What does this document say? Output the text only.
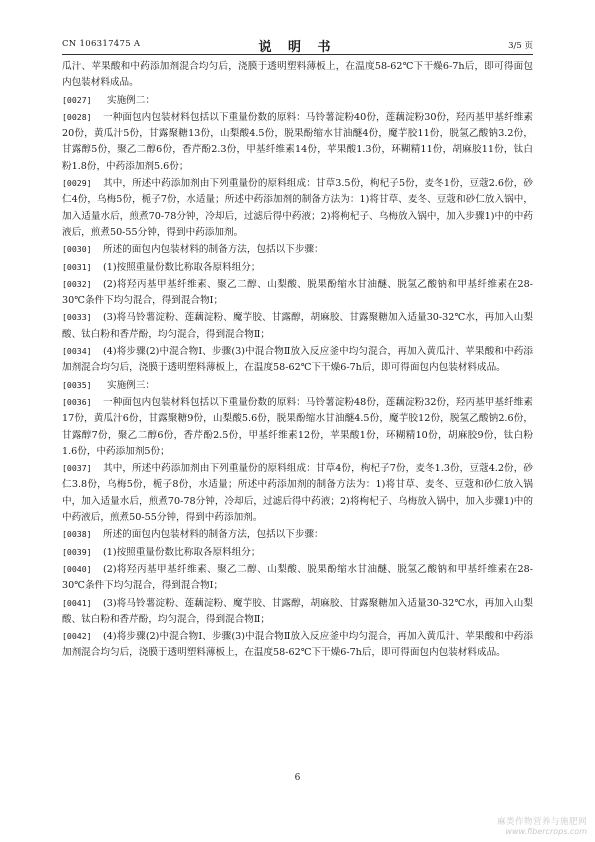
CN 106317475 A	说 明 书	3/5 页
瓜汁、苹果酸和中药添加剂混合均匀后，浇膜于透明塑料薄板上，在温度58-62℃下干燥6-7h后，即可得面包内包装材料成品。
[0027] 实施例二：
[0028] 一种面包内包装材料包括以下重量份数的原料：马铃薯淀粉40份，莲藕淀粉30份，羟丙基甲基纤维素20份，黄瓜汁5份，甘露聚糖13份，山梨酸4.5份，脱果酚缩水甘油醚4份，魔芋胶11份，脱氢乙酸钠3.2份，甘露醇5份，聚乙二醇6份，香芹酚2.3份，甲基纤维素14份，苹果酸1.3份，环糊精11份，胡麻胶11份，钛白粉1.8份，中药添加剂5.6份；
[0029] 其中，所述中药添加剂由下列重量份的原料组成：甘草3.5份，枸杞子5份，麦冬1份，豆蔻2.6份，砂仁4份，乌梅5份，栀子7份，水适量；所述中药添加剂的制备方法为：1)将甘草、麦冬、豆蔻和砂仁放入锅中，加入适量水后，煎煮70-78分钟，冷却后，过滤后得中药液；2)将枸杞子、乌梅放入锅中，加入步骤1)中的中药液后，煎煮50-55分钟，得到中药添加剂。
[0030] 所述的面包内包装材料的制备方法，包括以下步骤：
[0031] (1)按照重量份数比称取各原料组分；
[0032] (2)将羟丙基甲基纤维素、聚乙二醇、山梨酸、脱果酚缩水甘油醚、脱氢乙酸钠和甲基纤维素在28-30℃条件下均匀混合，得到混合物Ⅰ；
[0033] (3)将马铃薯淀粉、莲藕淀粉、魔芋胶、甘露醇，胡麻胶、甘露聚糖加入适量30-32℃水，再加入山梨酸、钛白粉和香芹酚，均匀混合，得到混合物Ⅱ；
[0034] (4)将步骤(2)中混合物Ⅰ、步骤(3)中混合物Ⅱ放入反应釜中均匀混合，再加入黄瓜汁、苹果酸和中药添加剂混合均匀后，浇膜于透明塑料薄板上，在温度58-62℃下干燥6-7h后，即可得面包内包装材料成品。
[0035] 实施例三：
[0036] 一种面包内包装材料包括以下重量份数的原料：马铃薯淀粉48份，莲藕淀粉32份，羟丙基甲基纤维素17份，黄瓜汁6份，甘露聚糖9份，山梨酸5.6份，脱果酚缩水甘油醚4.5份，魔芋胶12份，脱氢乙酸钠2.6份，甘露醇7份，聚乙二醇6份，香芹酚2.5份，甲基纤维素12份，苹果酸1份，环糊精10份，胡麻胶9份，钛白粉1.6份，中药添加剂5份；
[0037] 其中，所述中药添加剂由下列重量份的原料组成：甘草4份，枸杞子7份，麦冬1.3份，豆蔻4.2份，砂仁3.8份，乌梅5份，栀子8份，水适量；所述中药添加剂的制备方法为：1)将甘草、麦冬、豆蔻和砂仁放入锅中，加入适量水后，煎煮70-78分钟，冷却后，过滤后得中药液；2)将枸杞子、乌梅放入锅中，加入步骤1)中的中药液后，煎煮50-55分钟，得到中药添加剂。
[0038] 所述的面包内包装材料的制备方法，包括以下步骤：
[0039] (1)按照重量份数比称取各原料组分；
[0040] (2)将羟丙基甲基纤维素、聚乙二醇、山梨酸、脱果酚缩水甘油醚、脱氢乙酸钠和甲基纤维素在28-30℃条件下均匀混合，得到混合物Ⅰ；
[0041] (3)将马铃薯淀粉、莲藕淀粉、魔芋胶、甘露醇，胡麻胶、甘露聚糖加入适量30-32℃水，再加入山梨酸、钛白粉和香芹酚，均匀混合，得到混合物Ⅱ；
[0042] (4)将步骤(2)中混合物Ⅰ、步骤(3)中混合物Ⅱ放入反应釜中均匀混合，再加入黄瓜汁、苹果酸和中药添加剂混合均匀后，浇膜于透明塑料薄板上，在温度58-62℃下干燥6-7h后，即可得面包内包装材料成品。
6
麻类作物营养与施肥网
www.fibercrops.com
